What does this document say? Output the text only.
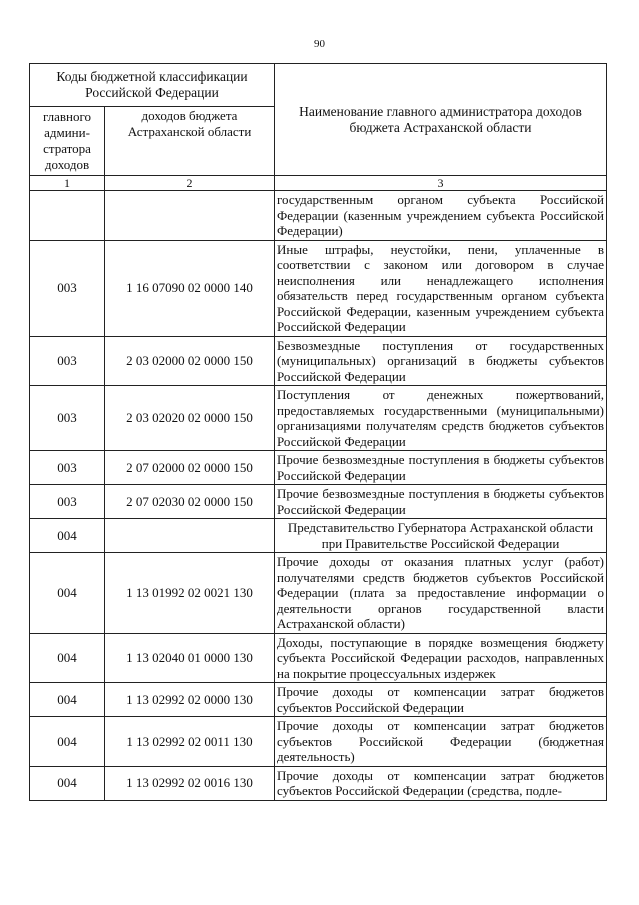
90
Коды бюджетной классификации Российской Федерации		Наименование главного администратора доходов бюджета Астраханской области
главного админи-стратора доходов	доходов бюджета Астраханской области	
1	2	3
		государственным органом субъекта Российской Федерации (казенным учреждением субъекта Российской Федерации)
003	1 16 07090 02 0000 140	Иные штрафы, неустойки, пени, уплаченные в соответствии с законом или договором в случае неисполнения или ненадлежащего исполнения обязательств перед государственным органом субъекта Российской Федерации, казенным учреждением субъекта Российской Федерации
003	2 03 02000 02 0000 150	Безвозмездные поступления от государственных (муниципальных) организаций в бюджеты субъектов Российской Федерации
003	2 03 02020 02 0000 150	Поступления от денежных пожертвований, предоставляемых государственными (муниципальными) организациями получателям средств бюджетов субъектов Российской Федерации
003	2 07 02000 02 0000 150	Прочие безвозмездные поступления в бюджеты субъектов Российской Федерации
003	2 07 02030 02 0000 150	Прочие безвозмездные поступления в бюджеты субъектов Российской Федерации
004		Представительство Губернатора Астраханской области при Правительстве Российской Федерации
004	1 13 01992 02 0021 130	Прочие доходы от оказания платных услуг (работ) получателями средств бюджетов субъектов Российской Федерации (плата за предоставление информации о деятельности органов государственной власти Астраханской области)
004	1 13 02040 01 0000 130	Доходы, поступающие в порядке возмещения бюджету субъекта Российской Федерации расходов, направленных на покрытие процессуальных издержек
004	1 13 02992 02 0000 130	Прочие доходы от компенсации затрат бюджетов субъектов Российской Федерации
004	1 13 02992 02 0011 130	Прочие доходы от компенсации затрат бюджетов субъектов Российской Федерации (бюджетная деятельность)
004	1 13 02992 02 0016 130	Прочие доходы от компенсации затрат бюджетов субъектов Российской Федерации (средства, подле-
